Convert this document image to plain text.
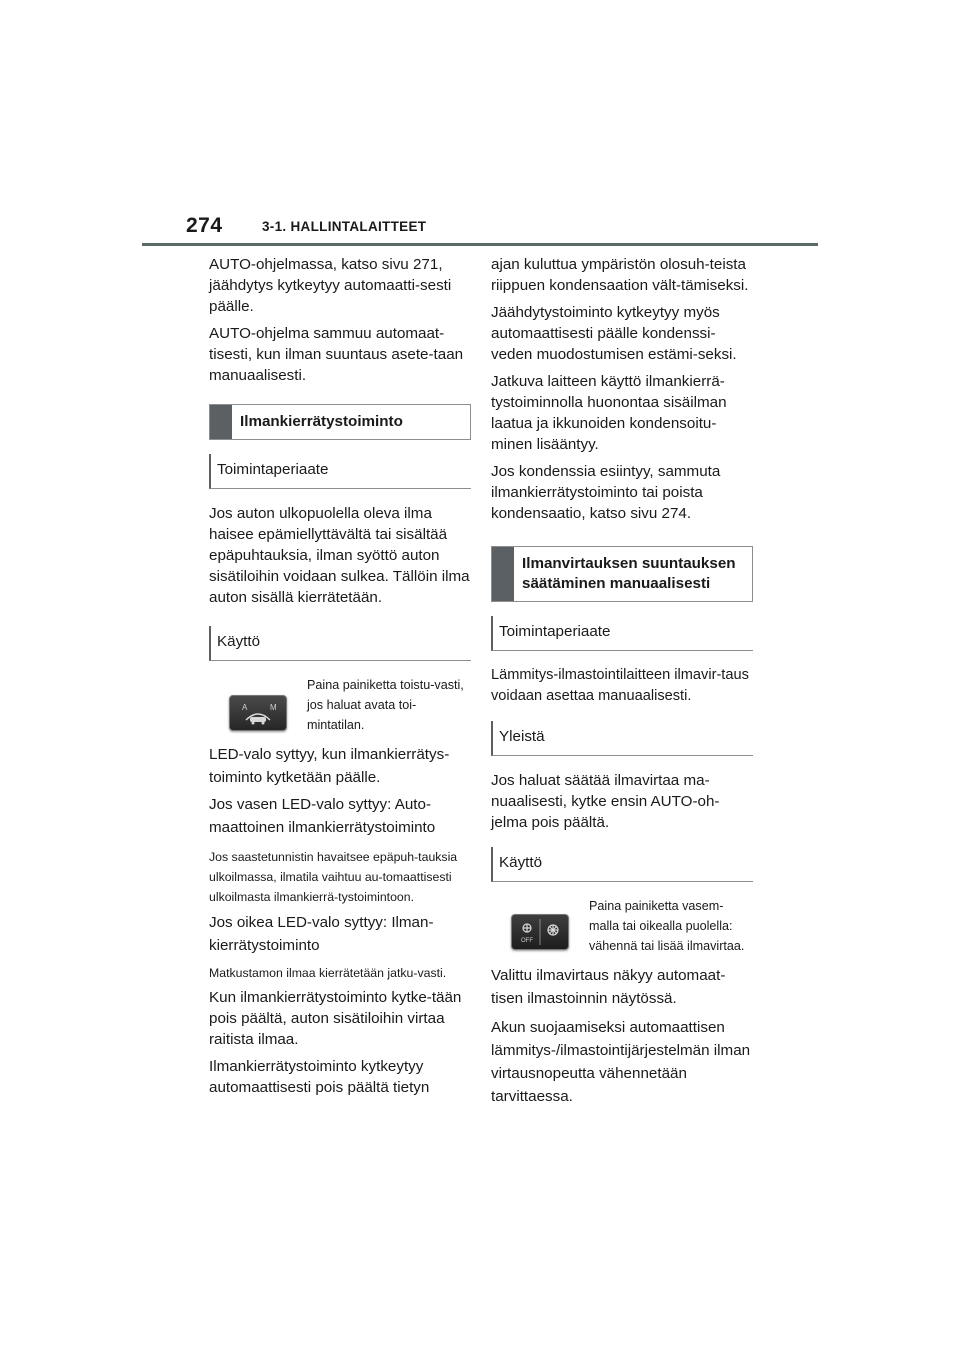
274	3-1. HALLINTALAITTEET

AUTO-ohjelmassa, katso sivu 271, jäähdytys kytkeytyy automaatti-sesti päälle.

AUTO-ohjelma sammuu automaat-tisesti, kun ilman suuntaus asete-taan manuaalisesti.

Ilmankierrätystoiminto
Toimintaperiaate

Jos auton ulkopuolella oleva ilma haisee epämiellyttävältä tai sisältää epäpuhtauksia, ilman syöttö auton sisätiloihin voidaan sulkea. Tällöin ilma auton sisällä kierrätetään.

Käyttö
A	M
Paina painiketta toistu-vasti, jos haluat avata toi-mintatilan.

LED-valo syttyy, kun ilmankierrätys-toiminto kytketään päälle.

Jos vasen LED-valo syttyy: Auto-maattoinen ilmankierrätystoiminto

Jos saastetunnistin havaitsee epäpuh-tauksia ulkoilmassa, ilmatila vaihtuu au-tomaattisesti ulkoilmasta ilmankierrä-tystoimintoon.

Jos oikea LED-valo syttyy: Ilman-kierrätystoiminto

Matkustamon ilmaa kierrätetään jatku-vasti.

Kun ilmankierrätystoiminto kytke-tään pois päältä, auton sisätiloihin virtaa raitista ilmaa.

Ilmankierrätystoiminto kytkeytyy automaattisesti pois päältä tietyn

ajan kuluttua ympäristön olosuh-teista riippuen kondensaation vält-tämiseksi.

Jäähdytystoiminto kytkeytyy myös automaattisesti päälle kondenssi-veden muodostumisen estämi-seksi.

Jatkuva laitteen käyttö ilmankierrä-tystoiminnolla huonontaa sisäilman laatua ja ikkunoiden kondensoitu-minen lisääntyy.

Jos kondenssia esiintyy, sammuta ilmankierrätystoiminto tai poista kondensaatio, katso sivu 274.

Ilmanvirtauksen suuntauksen säätäminen manuaalisesti
Toimintaperiaate

Lämmitys-ilmastointilaitteen ilmavir-taus voidaan asettaa manuaalisesti.

Yleistä

Jos haluat säätää ilmavirtaa ma-nuaalisesti, kytke ensin AUTO-oh-jelma pois päältä.

Käyttö
OFF
Paina painiketta vasem-malla tai oikealla puolella: vähennä tai lisää ilmavirtaa.

Valittu ilmavirtaus näkyy automaat-tisen ilmastoinnin näytössä.

Akun suojaamiseksi automaattisen lämmitys-/ilmastointijärjestelmän ilman virtausnopeutta vähennetään tarvittaessa.
